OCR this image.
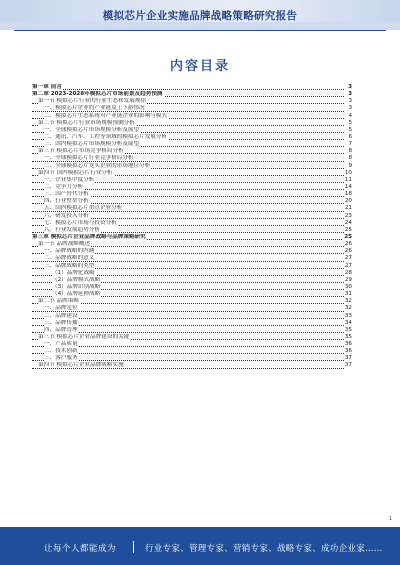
模拟芯片企业实施品牌战略策略研究报告
内容目录
第一章 前言	3
第二章 2023-2028年模拟芯片市场前景及趋势预测	3
第一节 模拟芯片行业的行业生态和发展规律	3
一、模拟芯片企业的产业链及上下游情况	3
二、模拟芯片生态系统对产业链企业的影响与模式	4
第二节 模拟芯片行业市场规模预测分析	5
一、全球模拟芯片市场规模分析及展望	5
二、通讯、汽车、工控等领域的模拟芯片发展分析	6
三、国内模拟芯片市场规模分析及展望	7
第三节 模拟芯片市场竞争格局分析	8
一、全球模拟芯片行业竞争格局分析	8
二、全球模拟芯片龙头企业的市场地位分析	9
第四节 国内模拟芯片行业分析	10
一、企业集中度分析	11
二、竞争力分析	14
三、国产替代分析	18
四、行业壁垒分析	20
五、国内模拟芯片重点企业分析	21
六、研发投入分析	23
七、模拟芯片市场与投资分析	24
八、行业发展趋势分析	25
第三章 模拟芯片企业品牌战略与品牌策略研究	25
第一节 品牌战略概述	26
一、品牌战略的内涵	26
二、品牌战略的意义	27
三、品牌战略的类型	27
（1）品牌化战略	28
（2）品牌模式战略	29
（3）品牌识别战略	30
（4）品牌延伸战略	31
第二节 品牌策略	32
一、品牌定位	32
二、品牌建设	33
三、品牌传播	34
四、品牌管理	35
第三节 模拟芯片企业品牌建设的关键	35
一、产品质量	36
二、技术创新	36
三、客户服务	37
第四节 模拟芯片企业品牌战略实施	37
1
让每个人都能成为	行业专家、管理专家、营销专家、战略专家、成功企业家……
